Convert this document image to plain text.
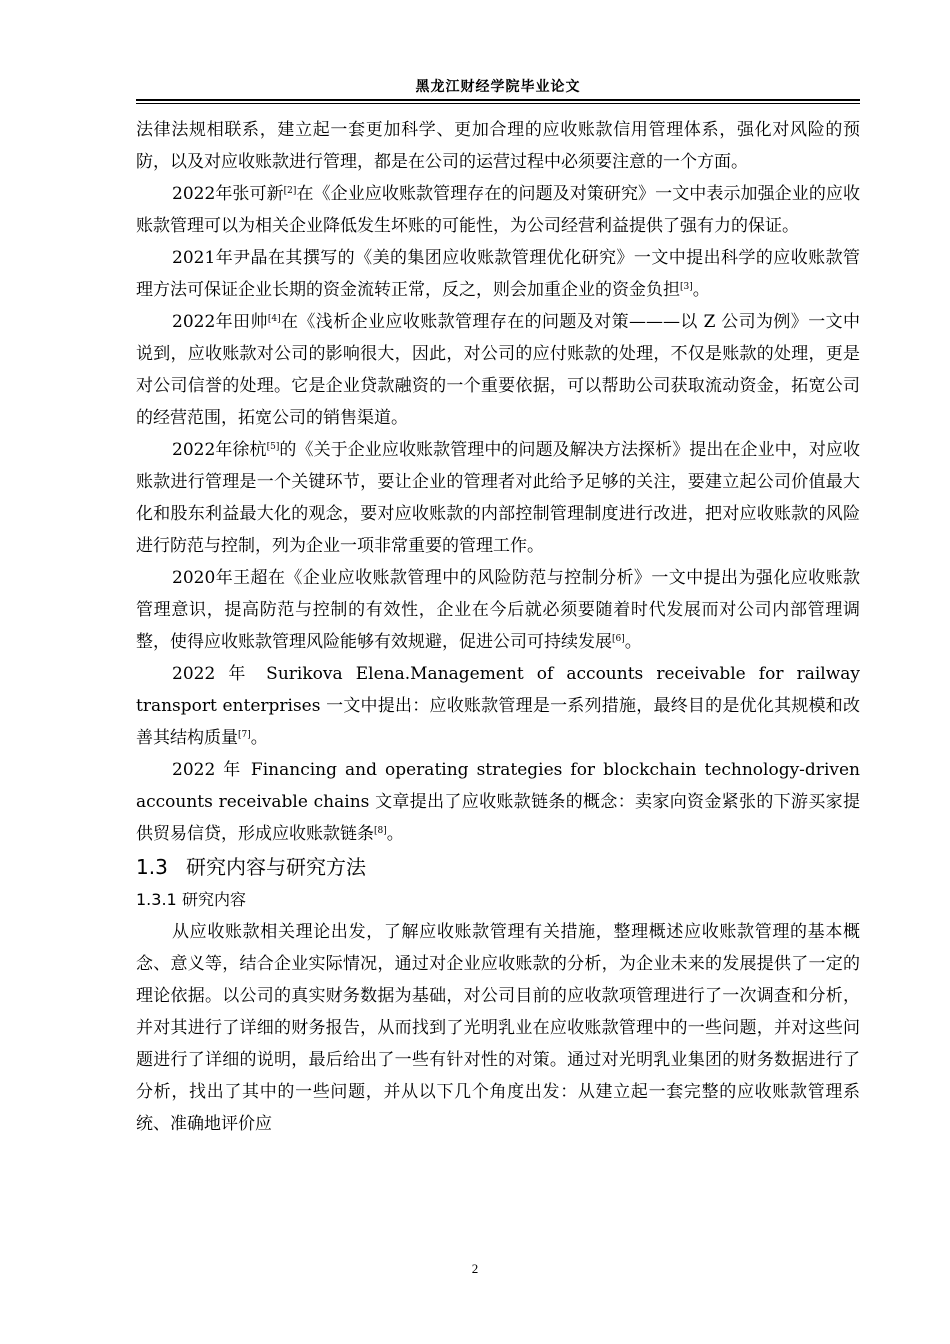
黑龙江财经学院毕业论文

法律法规相联系，建立起一套更加科学、更加合理的应收账款信用管理体系，强化对风险的预防，以及对应收账款进行管理，都是在公司的运营过程中必须要注意的一个方面。

2022年张可新[2]在《企业应收账款管理存在的问题及对策研究》一文中表示加强企业的应收账款管理可以为相关企业降低发生坏账的可能性，为公司经营利益提供了强有力的保证。

2021年尹晶在其撰写的《美的集团应收账款管理优化研究》一文中提出科学的应收账款管理方法可保证企业长期的资金流转正常，反之，则会加重企业的资金负担[3]。

2022年田帅[4]在《浅析企业应收账款管理存在的问题及对策———以 Z 公司为例》一文中说到，应收账款对公司的影响很大，因此，对公司的应付账款的处理，不仅是账款的处理，更是对公司信誉的处理。它是企业贷款融资的一个重要依据，可以帮助公司获取流动资金，拓宽公司的经营范围，拓宽公司的销售渠道。

2022年徐杭[5]的《关于企业应收账款管理中的问题及解决方法探析》提出在企业中，对应收账款进行管理是一个关键环节，要让企业的管理者对此给予足够的关注，要建立起公司价值最大化和股东利益最大化的观念，要对应收账款的内部控制管理制度进行改进，把对应收账款的风险进行防范与控制，列为企业一项非常重要的管理工作。

2020年王超在《企业应收账款管理中的风险防范与控制分析》一文中提出为强化应收账款管理意识，提高防范与控制的有效性，企业在今后就必须要随着时代发展而对公司内部管理调整，使得应收账款管理风险能够有效规避，促进公司可持续发展[6]。

2022 年 Surikova Elena.Management of accounts receivable for railway transport enterprises 一文中提出：应收账款管理是一系列措施，最终目的是优化其规模和改善其结构质量[7]。

2022 年 Financing and operating strategies for blockchain technology-driven accounts receivable chains 文章提出了应收账款链条的概念：卖家向资金紧张的下游买家提供贸易信贷，形成应收账款链条[8]。

1.3 研究内容与研究方法
1.3.1 研究内容

从应收账款相关理论出发，了解应收账款管理有关措施，整理概述应收账款管理的基本概念、意义等，结合企业实际情况，通过对企业应收账款的分析，为企业未来的发展提供了一定的理论依据。以公司的真实财务数据为基础，对公司目前的应收款项管理进行了一次调查和分析，并对其进行了详细的财务报告，从而找到了光明乳业在应收账款管理中的一些问题，并对这些问题进行了详细的说明，最后给出了一些有针对性的对策。通过对光明乳业集团的财务数据进行了分析，找出了其中的一些问题，并从以下几个角度出发：从建立起一套完整的应收账款管理系统、准确地评价应

2
